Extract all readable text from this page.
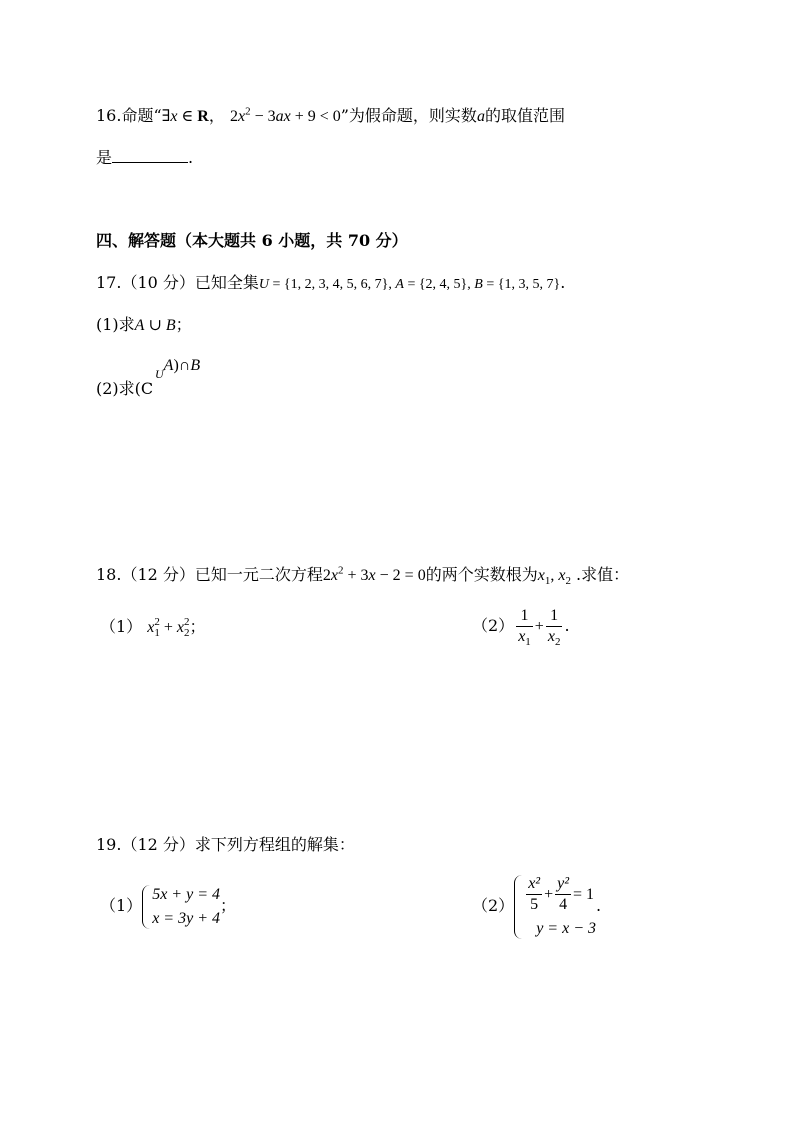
16.命题“∃x ∈ R， $2x^2 - 3ax + 9 < 0$”为假命题，则实数a的取值范围
是	.
四、解答题（本大题共 6 小题，共 70 分）
17.（10 分）已知全集U = {1, 2, 3, 4, 5, 6, 7}, A = {2, 4, 5}, B = {1, 3, 5, 7}.
(1)求A ∪ B；
(2)求(C
$_U$A)∩B
18.（12 分）已知一元二次方程$2x^2 + 3x - 2 = 0$的两个实数根为$x_1$, $x_2$ .求值：
（1） x 2
1 + x 2
2 ；	$(2) \frac{1}{x_1} + \frac{1}{x_2}$ .
19.（12 分）求下列方程组的解集：
（1）
5x + y = 4
x = 3y + 4
；	$(2) \frac{\text{x²}}{5} + \frac{\text{y²}}{4} = 1$
y = x − 3
.
